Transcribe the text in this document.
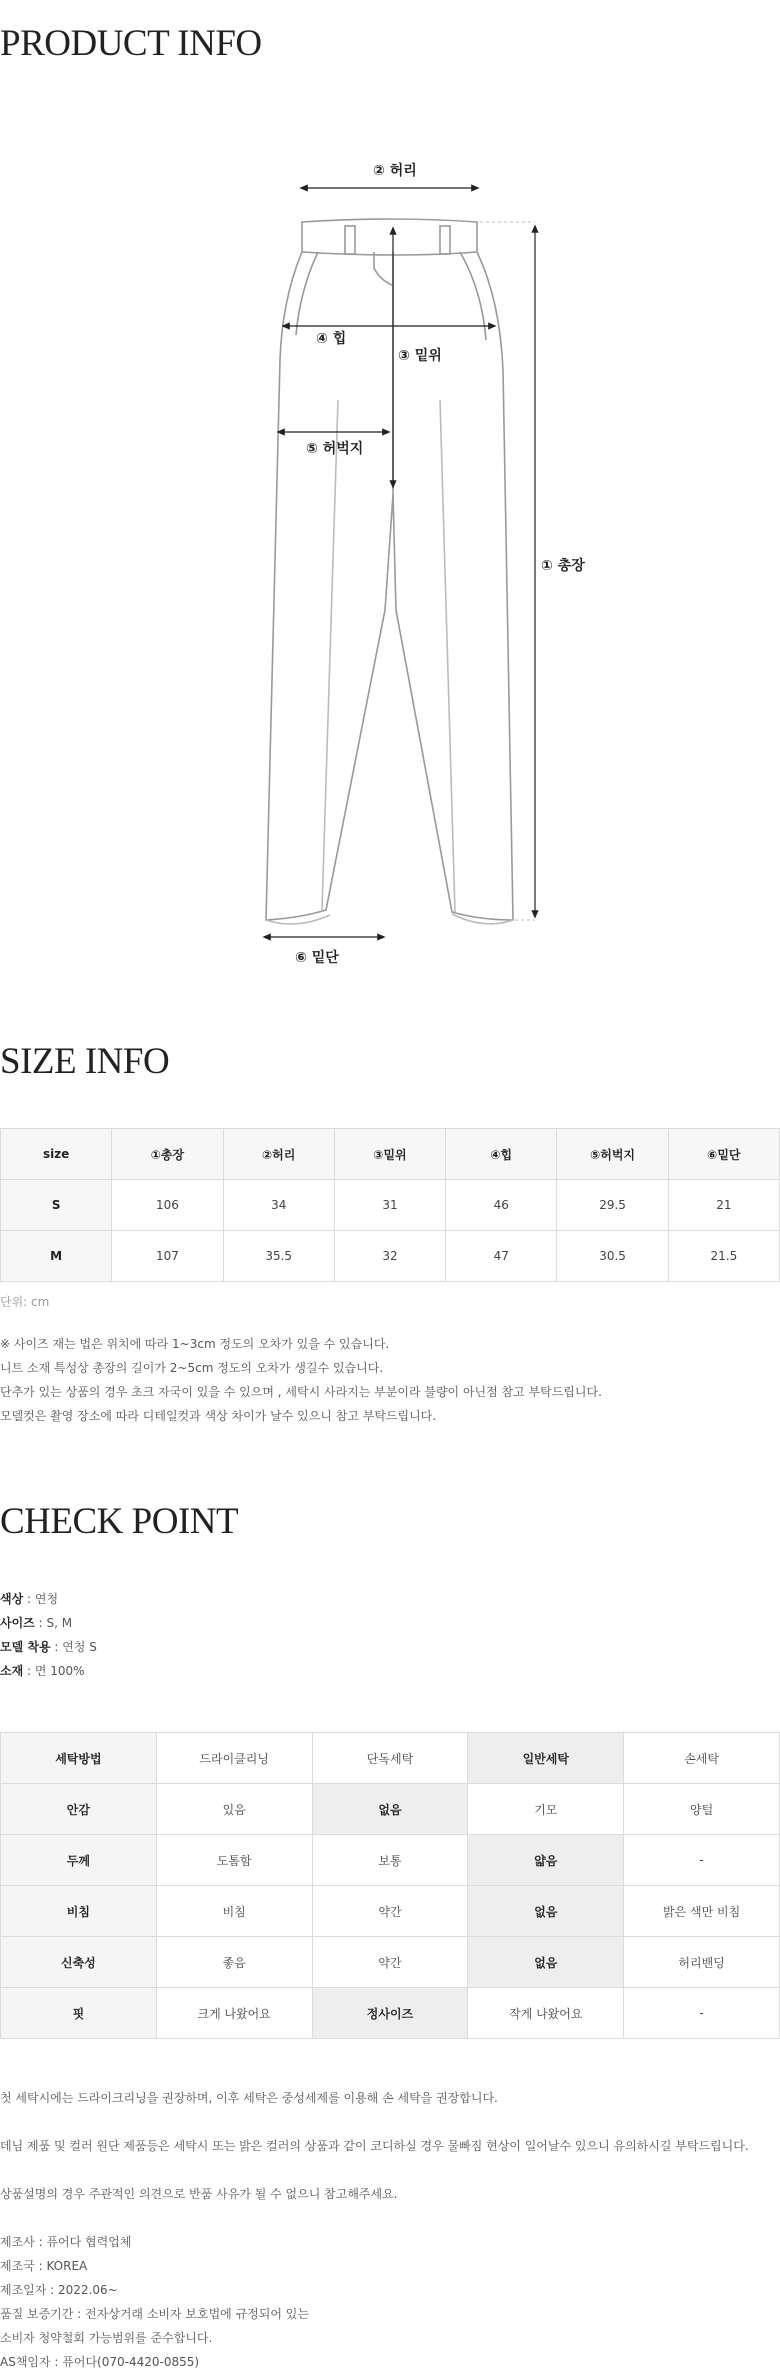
PRODUCT INFO
② 허리
③ 밑위
④ 힙
⑤ 허벅지
① 총장
⑥ 밑단
SIZE INFO
size	①총장	②허리	③밑위	④힙	⑤허벅지	⑥밑단
S	106	34	31	46	29.5	21
M	107	35.5	32	47	30.5	21.5
단위: cm

※ 사이즈 재는 법은 위치에 따라 1~3cm 정도의 오차가 있을 수 있습니다.

니트 소재 특성상 총장의 길이가 2~5cm 정도의 오차가 생길수 있습니다.

단추가 있는 상품의 경우 초크 자국이 있을 수 있으며 , 세탁시 사라지는 부분이라 불량이 아닌점 참고 부탁드립니다.

모델컷은 촬영 장소에 따라 디테일컷과 색상 차이가 날수 있으니 참고 부탁드립니다.

CHECK POINT

색상 : 연청

사이즈 : S, M

모델 착용 : 연청 S

소재 : 면 100%

세탁방법	드라이클리닝	단독세탁	일반세탁	손세탁
안감	있음	없음	기모	양털
두께	도톰함	보통	얇음	-
비침	비침	약간	없음	밝은 색만 비침
신축성	좋음	약간	없음	허리밴딩
핏	크게 나왔어요	정사이즈	작게 나왔어요	-

첫 세탁시에는 드라이크리닝을 권장하며, 이후 세탁은 중성세제를 이용해 손 세탁을 권장합니다.

데님 제품 및 컬러 원단 제품등은 세탁시 또는 밝은 컬러의 상품과 같이 코디하실 경우 물빠짐 현상이 일어날수 있으니 유의하시길 부탁드립니다.

상품설명의 경우 주관적인 의견으로 반품 사유가 될 수 없으니 참고해주세요.

제조사 : 퓨어다 협력업체

제조국 : KOREA

제조일자 : 2022.06~

품질 보증기간 : 전자상거래 소비자 보호법에 규정되어 있는

소비자 청약철회 가능범위를 준수합니다.

AS책임자 : 퓨어다(070-4420-0855)
